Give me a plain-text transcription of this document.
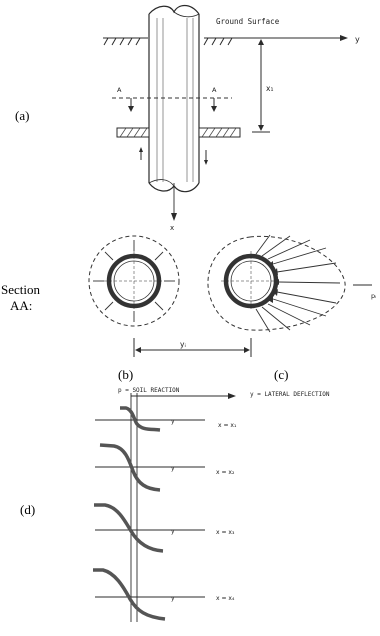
Ground Surface
y
x
A	A	x₁
(a)
Section
AA:
pᵢ
yᵢ
(b)	(c)
p = SOIL REACTION
y = LATERAL DEFLECTION
y
x = x₁
y
x = x₂
y	x = x₃
y	x = x₄
(d)
